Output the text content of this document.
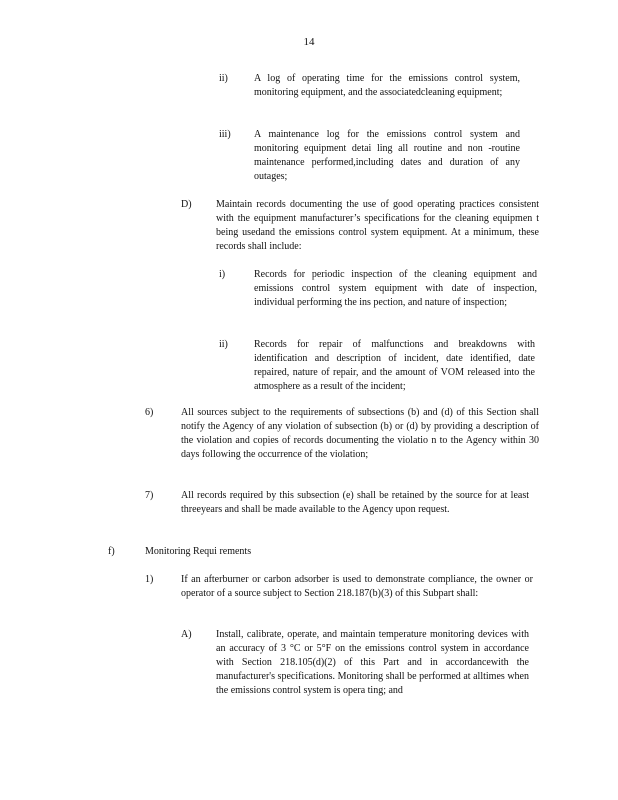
14
ii)	A log of operating time for the emissions control system, monitoring equipment, and the associatedcleaning equipment;
iii) A maintenance log for the emissions control system and monitoring equipment detai ling all routine and non -routine maintenance performed,including dates and duration of any outages;
D) Maintain records documenting the use of good operating practices consistent with the equipment manufacturer’s specifications for the cleaning equipmen t being usedand the emissions control system equipment. At a minimum, these records shall include:
i)	Records for periodic inspection of the cleaning equipment and emissions control system equipment with date of inspection, individual performing the ins pection, and nature of inspection;
ii)	Records for repair of malfunctions and breakdowns with identification and description of incident, date identified, date repaired, nature of repair, and the amount of VOM released into the atmosphere as a result of the incident;
6)	All sources subject to the requirements of subsections (b) and (d) of this Section shall notify the Agency of any violation of subsection (b) or (d) by providing a description of the violation and copies of records documenting the violatio n to the Agency within 30 days following the occurrence of the violation;
7)	All records required by this subsection (e) shall be retained by the source for at least threeyears and shall be made available to the Agency upon request.
f)	Monitoring Requi rements
1)	If an afterburner or carbon adsorber is used to demonstrate compliance, the owner or operator of a source subject to Section 218.187(b)(3) of this Subpart shall:
A) Install, calibrate, operate, and maintain temperature monitoring devices with an accuracy of 3 °C or 5°F on the emissions control system in accordance with Section 218.105(d)(2) of this Part and in accordancewith the manufacturer's specifications. Monitoring shall be performed at alltimes when the emissions control system is opera ting; and
